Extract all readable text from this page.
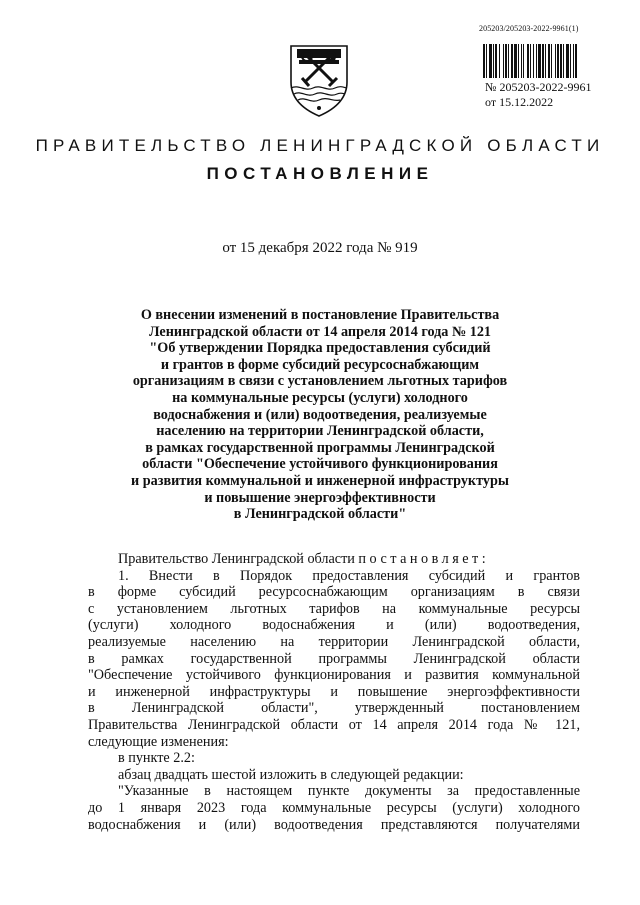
205203/205203-2022-9961(1)
№ 205203-2022-9961
от 15.12.2022
ПРАВИТЕЛЬСТВО ЛЕНИНГРАДСКОЙ ОБЛАСТИ
ПОСТАНОВЛЕНИЕ
от 15 декабря 2022 года № 919
О внесении изменений в постановление Правительства
Ленинградской области от 14 апреля 2014 года № 121
"Об утверждении Порядка предоставления субсидий
и грантов в форме субсидий ресурсоснабжающим
организациям в связи с установлением льготных тарифов
на коммунальные ресурсы (услуги) холодного
водоснабжения и (или) водоотведения, реализуемые
населению на территории Ленинградской области,
в рамках государственной программы Ленинградской
области "Обеспечение устойчивого функционирования
и развития коммунальной и инженерной инфраструктуры
и повышение энергоэффективности
в Ленинградской области"
Правительство Ленинградской области постановляет:
1. Внести в Порядок предоставления субсидий и грантов
в форме субсидий ресурсоснабжающим организациям в связи
с установлением льготных тарифов на коммунальные ресурсы
(услуги) холодного водоснабжения и (или) водоотведения,
реализуемые населению на территории Ленинградской области,
в рамках государственной программы Ленинградской области
"Обеспечение устойчивого функционирования и развития коммунальной
и инженерной инфраструктуры и повышение энергоэффективности
в Ленинградской области", утвержденный постановлением
Правительства Ленинградской области от 14 апреля 2014 года № 121,
следующие изменения:
в пункте 2.2:
абзац двадцать шестой изложить в следующей редакции:
"Указанные в настоящем пункте документы за предоставленные
до 1 января 2023 года коммунальные ресурсы (услуги) холодного
водоснабжения и (или) водоотведения представляются получателями
